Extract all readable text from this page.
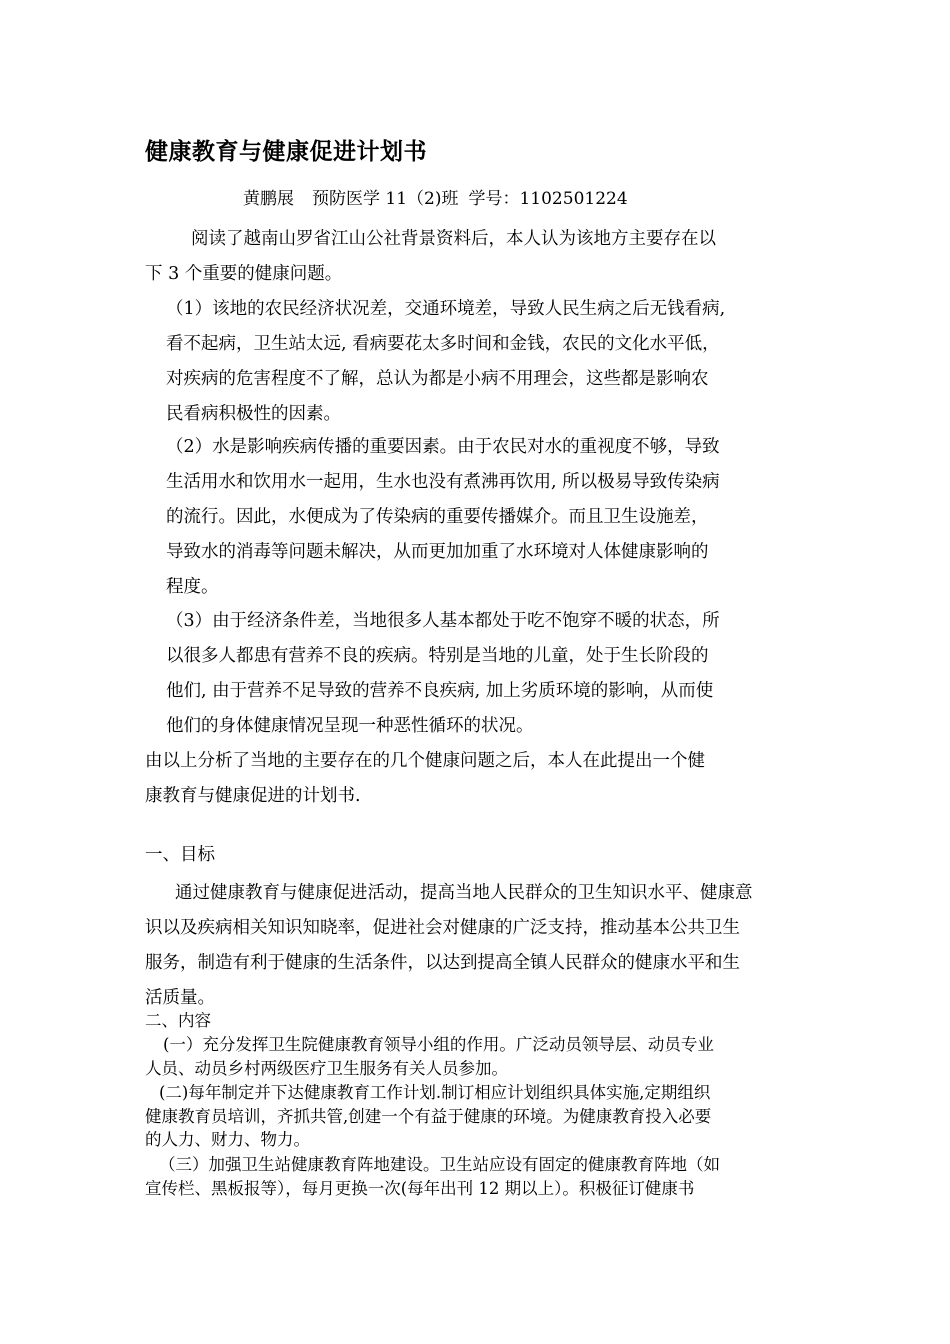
健康教育与健康促进计划书
黄鹏展 预防医学 11（2)班 学号：1102501224
阅读了越南山罗省江山公社背景资料后，本人认为该地方主要存在以
下 3 个重要的健康问题。
（1）该地的农民经济状况差，交通环境差，导致人民生病之后无钱看病,
看不起病，卫生站太远, 看病要花太多时间和金钱，农民的文化水平低，
对疾病的危害程度不了解，总认为都是小病不用理会，这些都是影响农
民看病积极性的因素。
（2）水是影响疾病传播的重要因素。由于农民对水的重视度不够，导致
生活用水和饮用水一起用，生水也没有煮沸再饮用, 所以极易导致传染病
的流行。因此，水便成为了传染病的重要传播媒介。而且卫生设施差，
导致水的消毒等问题未解决，从而更加加重了水环境对人体健康影响的
程度。
（3）由于经济条件差，当地很多人基本都处于吃不饱穿不暖的状态，所
以很多人都患有营养不良的疾病。特别是当地的儿童，处于生长阶段的
他们, 由于营养不足导致的营养不良疾病, 加上劣质环境的影响，从而使
他们的身体健康情况呈现一种恶性循环的状况。
由以上分析了当地的主要存在的几个健康问题之后，本人在此提出一个健
康教育与健康促进的计划书.
一、目标
通过健康教育与健康促进活动，提高当地人民群众的卫生知识水平、健康意
识以及疾病相关知识知晓率，促进社会对健康的广泛支持，推动基本公共卫生
服务，制造有利于健康的生活条件，以达到提高全镇人民群众的健康水平和生
活质量。
二、内容
(一）充分发挥卫生院健康教育领导小组的作用。广泛动员领导层、动员专业
人员、动员乡村两级医疗卫生服务有关人员参加。
(二)每年制定并下达健康教育工作计划.制订相应计划组织具体实施,定期组织
健康教育员培训，齐抓共管,创建一个有益于健康的环境。为健康教育投入必要
的人力、财力、物力。
（三）加强卫生站健康教育阵地建设。卫生站应设有固定的健康教育阵地（如
宣传栏、黑板报等），每月更换一次(每年出刊 12 期以上）。积极征订健康书
